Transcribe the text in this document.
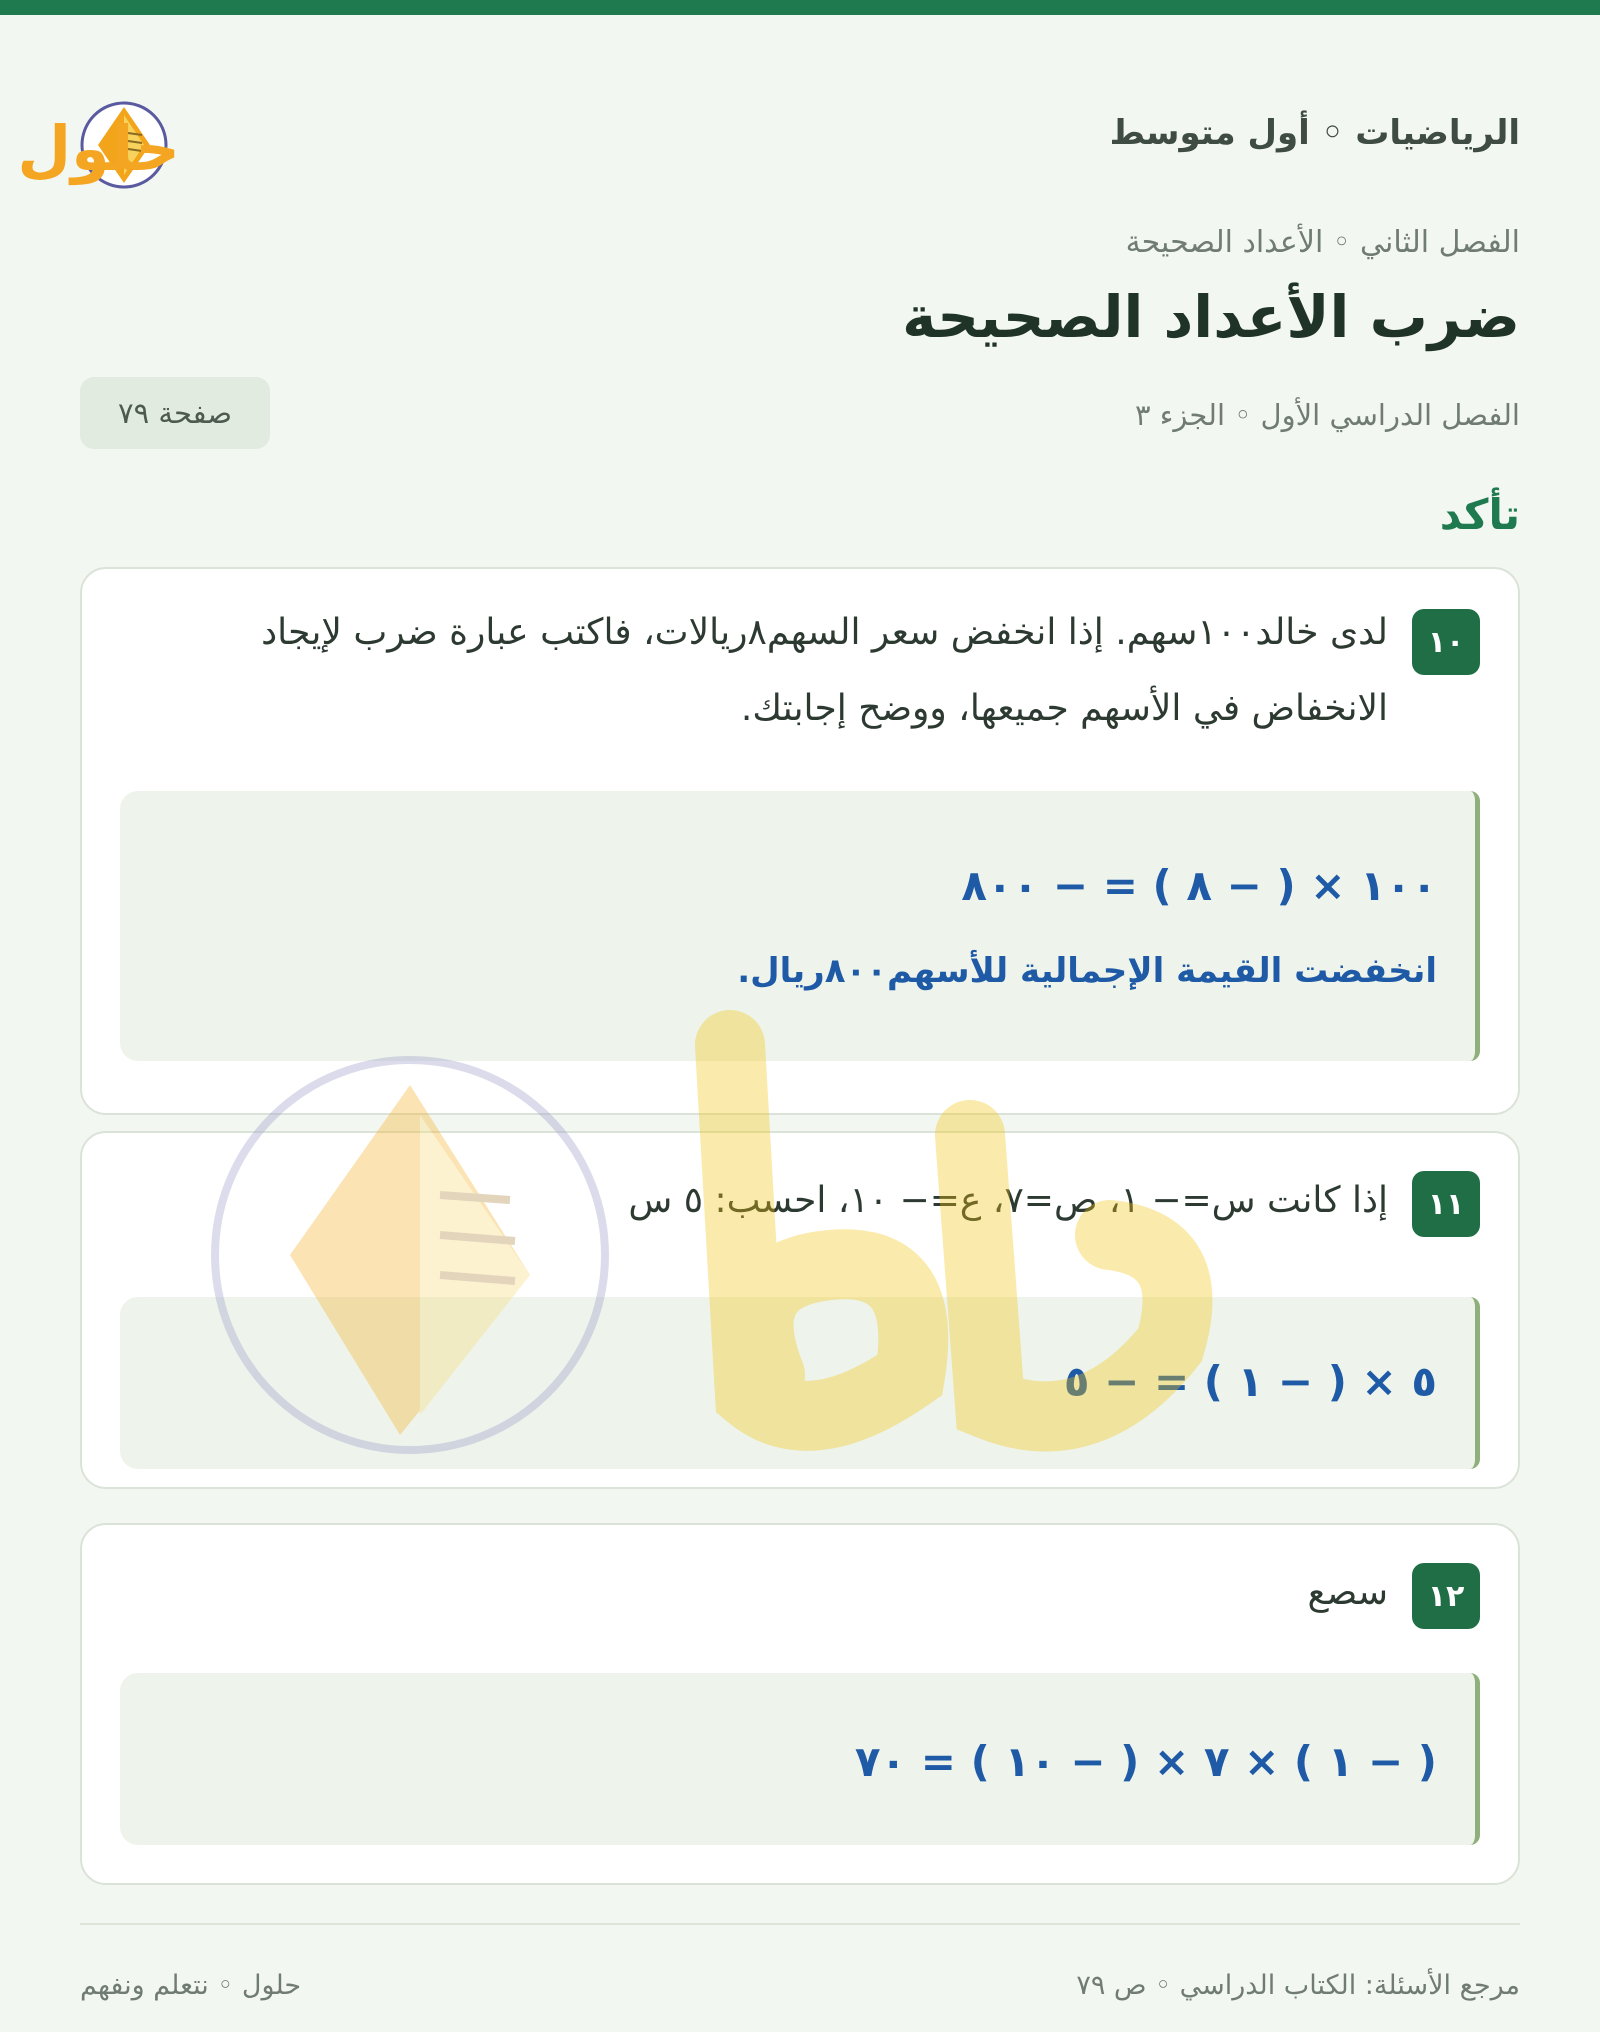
الرياضيات ◦ أول متوسط
حلول
الفصل الثاني ◦ الأعداد الصحيحة
ضرب الأعداد الصحيحة
الفصل الدراسي الأول ◦ الجزء ٣
صفحة ٧٩
تأكد
١٠
لدى خالد١٠٠سهم. إذا انخفض سعر السهم٨ريالات، فاكتب عبارة ضرب لإيجاد الانخفاض في الأسهم جميعها، ووضح إجابتك.
١٠٠ × ( − ٨ ) = − ٨٠٠
انخفضت القيمة الإجمالية للأسهم٨٠٠ريال.
١١
إذا كانت س=− ١، ص=٧، ع=− ١٠، احسب: ٥ س
٥ × ( − ١ ) = − ٥
١٢
س‍ص‍ع
( − ١ ) × ٧ × ( − ١٠ ) = ٧٠
مرجع الأسئلة: الكتاب الدراسي ◦ ص ٧٩
حلول ◦ نتعلم ونفهم
